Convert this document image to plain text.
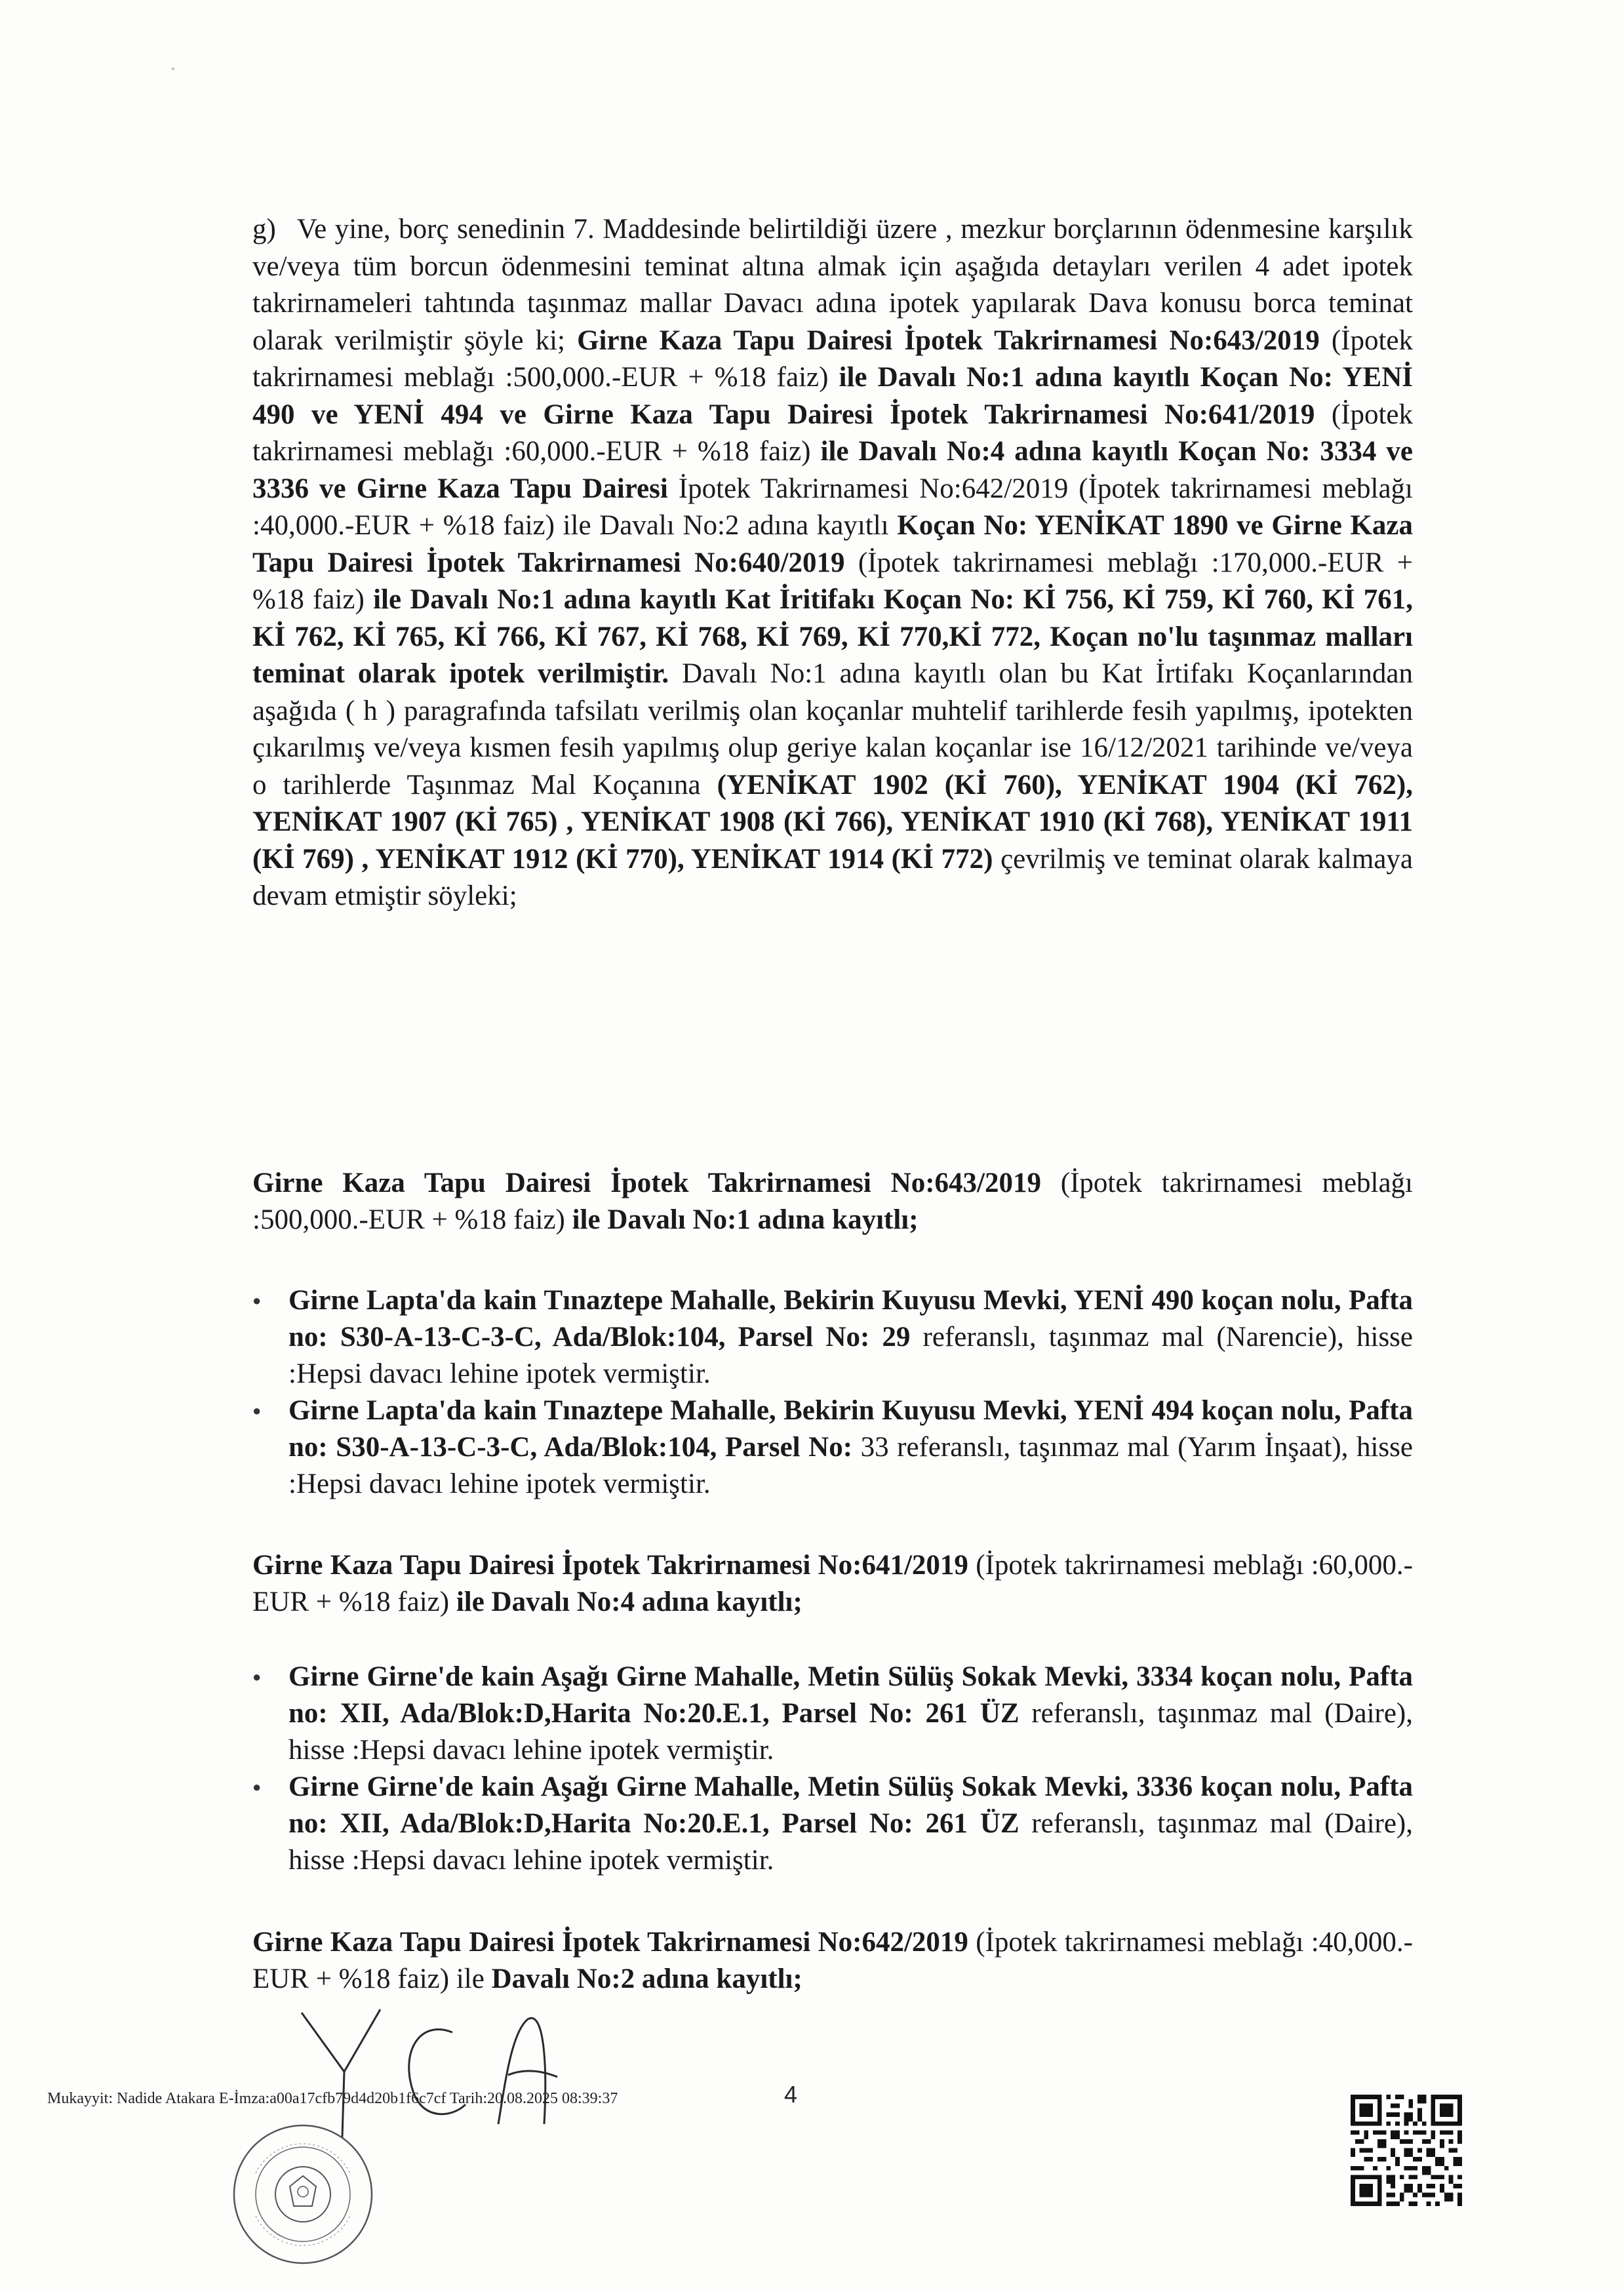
g) Ve yine, borç senedinin 7. Maddesinde belirtildiği üzere , mezkur borçlarının ödenmesine karşılık ve/veya tüm borcun ödenmesini teminat altına almak için aşağıda detayları verilen 4 adet ipotek takrirnameleri tahtında taşınmaz mallar Davacı adına ipotek yapılarak Dava konusu borca teminat olarak verilmiştir şöyle ki; Girne Kaza Tapu Dairesi İpotek Takrirnamesi No:643/2019 (İpotek takrirnamesi meblağı :500,000.-EUR + %18 faiz) ile Davalı No:1 adına kayıtlı Koçan No: YENİ 490 ve YENİ 494 ve Girne Kaza Tapu Dairesi İpotek Takrirnamesi No:641/2019 (İpotek takrirnamesi meblağı :60,000.-EUR + %18 faiz) ile Davalı No:4 adına kayıtlı Koçan No: 3334 ve 3336 ve Girne Kaza Tapu Dairesi İpotek Takrirnamesi No:642/2019 (İpotek takrirnamesi meblağı :40,000.-EUR + %18 faiz) ile Davalı No:2 adına kayıtlı Koçan No: YENİKAT 1890 ve Girne Kaza Tapu Dairesi İpotek Takrirnamesi No:640/2019 (İpotek takrirnamesi meblağı :170,000.-EUR + %18 faiz) ile Davalı No:1 adına kayıtlı Kat İritifakı Koçan No: Kİ 756, Kİ 759, Kİ 760, Kİ 761, Kİ 762, Kİ 765, Kİ 766, Kİ 767, Kİ 768, Kİ 769, Kİ 770,Kİ 772, Koçan no'lu taşınmaz malları teminat olarak ipotek verilmiştir. Davalı No:1 adına kayıtlı olan bu Kat İrtifakı Koçanlarından aşağıda ( h ) paragrafında tafsilatı verilmiş olan koçanlar muhtelif tarihlerde fesih yapılmış, ipotekten çıkarılmış ve/veya kısmen fesih yapılmış olup geriye kalan koçanlar ise 16/12/2021 tarihinde ve/veya o tarihlerde Taşınmaz Mal Koçanına (YENİKAT 1902 (Kİ 760), YENİKAT 1904 (Kİ 762), YENİKAT 1907 (Kİ 765) , YENİKAT 1908 (Kİ 766), YENİKAT 1910 (Kİ 768), YENİKAT 1911 (Kİ 769) , YENİKAT 1912 (Kİ 770), YENİKAT 1914 (Kİ 772) çevrilmiş ve teminat olarak kalmaya devam etmiştir söyleki;
Girne Kaza Tapu Dairesi İpotek Takrirnamesi No:643/2019 (İpotek takrirnamesi meblağı :500,000.-EUR + %18 faiz) ile Davalı No:1 adına kayıtlı;
● Girne Lapta'da kain Tınaztepe Mahalle, Bekirin Kuyusu Mevki, YENİ 490 koçan nolu, Pafta no: S30-A-13-C-3-C, Ada/Blok:104, Parsel No: 29 referanslı, taşınmaz mal (Narencie), hisse :Hepsi davacı lehine ipotek vermiştir.
● Girne Lapta'da kain Tınaztepe Mahalle, Bekirin Kuyusu Mevki, YENİ 494 koçan nolu, Pafta no: S30-A-13-C-3-C, Ada/Blok:104, Parsel No: 33 referanslı, taşınmaz mal (Yarım İnşaat), hisse :Hepsi davacı lehine ipotek vermiştir.
Girne Kaza Tapu Dairesi İpotek Takrirnamesi No:641/2019 (İpotek takrirnamesi meblağı :60,000.-EUR + %18 faiz) ile Davalı No:4 adına kayıtlı;
● Girne Girne'de kain Aşağı Girne Mahalle, Metin Sülüş Sokak Mevki, 3334 koçan nolu, Pafta no: XII, Ada/Blok:D,Harita No:20.E.1, Parsel No: 261 ÜZ referanslı, taşınmaz mal (Daire), hisse :Hepsi davacı lehine ipotek vermiştir.
● Girne Girne'de kain Aşağı Girne Mahalle, Metin Sülüş Sokak Mevki, 3336 koçan nolu, Pafta no: XII, Ada/Blok:D,Harita No:20.E.1, Parsel No: 261 ÜZ referanslı, taşınmaz mal (Daire), hisse :Hepsi davacı lehine ipotek vermiştir.
Girne Kaza Tapu Dairesi İpotek Takrirnamesi No:642/2019 (İpotek takrirnamesi meblağı :40,000.-EUR + %18 faiz) ile Davalı No:2 adına kayıtlı;
Mukayyit: Nadide Atakara E-İmza:a00a17cfb79d4d20b1f6c7cf Tarih:20.08.2025 08:39:37	4
